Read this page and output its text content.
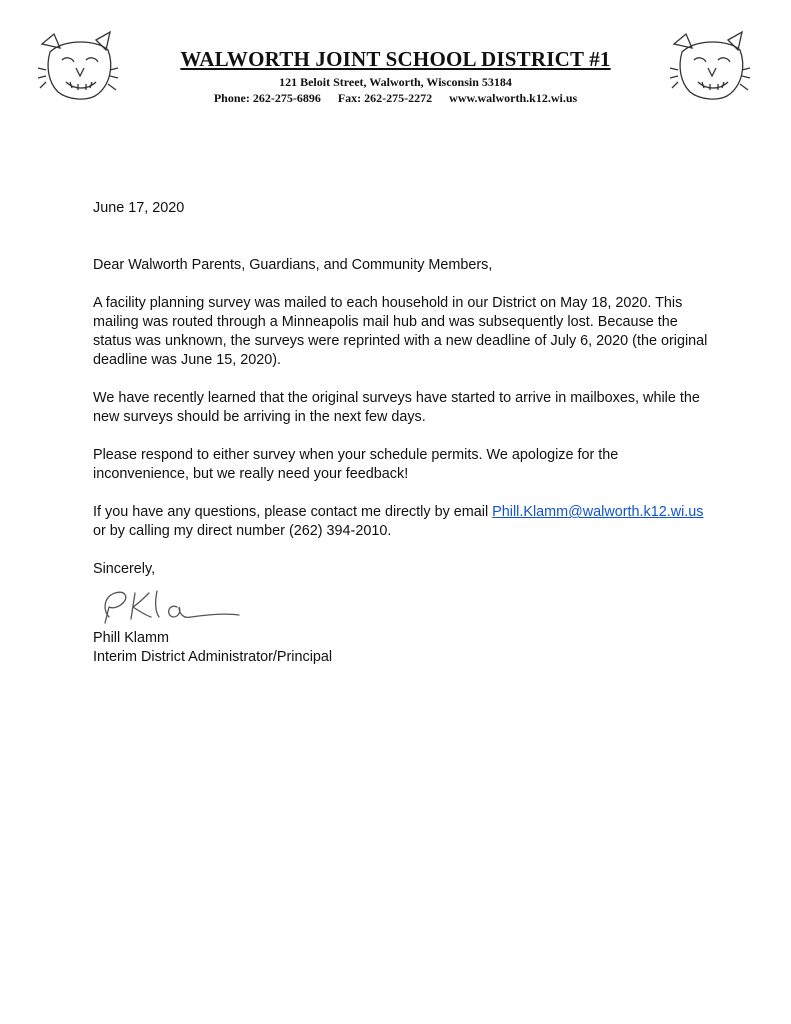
WALWORTH JOINT SCHOOL DISTRICT #1
121 Beloit Street, Walworth, Wisconsin 53184
Phone: 262-275-6896 Fax: 262-275-2272 www.walworth.k12.wi.us

June 17, 2020

Dear Walworth Parents, Guardians, and Community Members,

A facility planning survey was mailed to each household in our District on May 18, 2020. This mailing was routed through a Minneapolis mail hub and was subsequently lost. Because the status was unknown, the surveys were reprinted with a new deadline of July 6, 2020 (the original deadline was June 15, 2020).

We have recently learned that the original surveys have started to arrive in mailboxes, while the new surveys should be arriving in the next few days.

Please respond to either survey when your schedule permits. We apologize for the inconvenience, but we really need your feedback!

If you have any questions, please contact me directly by email Phill.Klamm@walworth.k12.wi.us or by calling my direct number (262) 394-2010.

Sincerely,

Phill Klamm

Interim District Administrator/Principal
